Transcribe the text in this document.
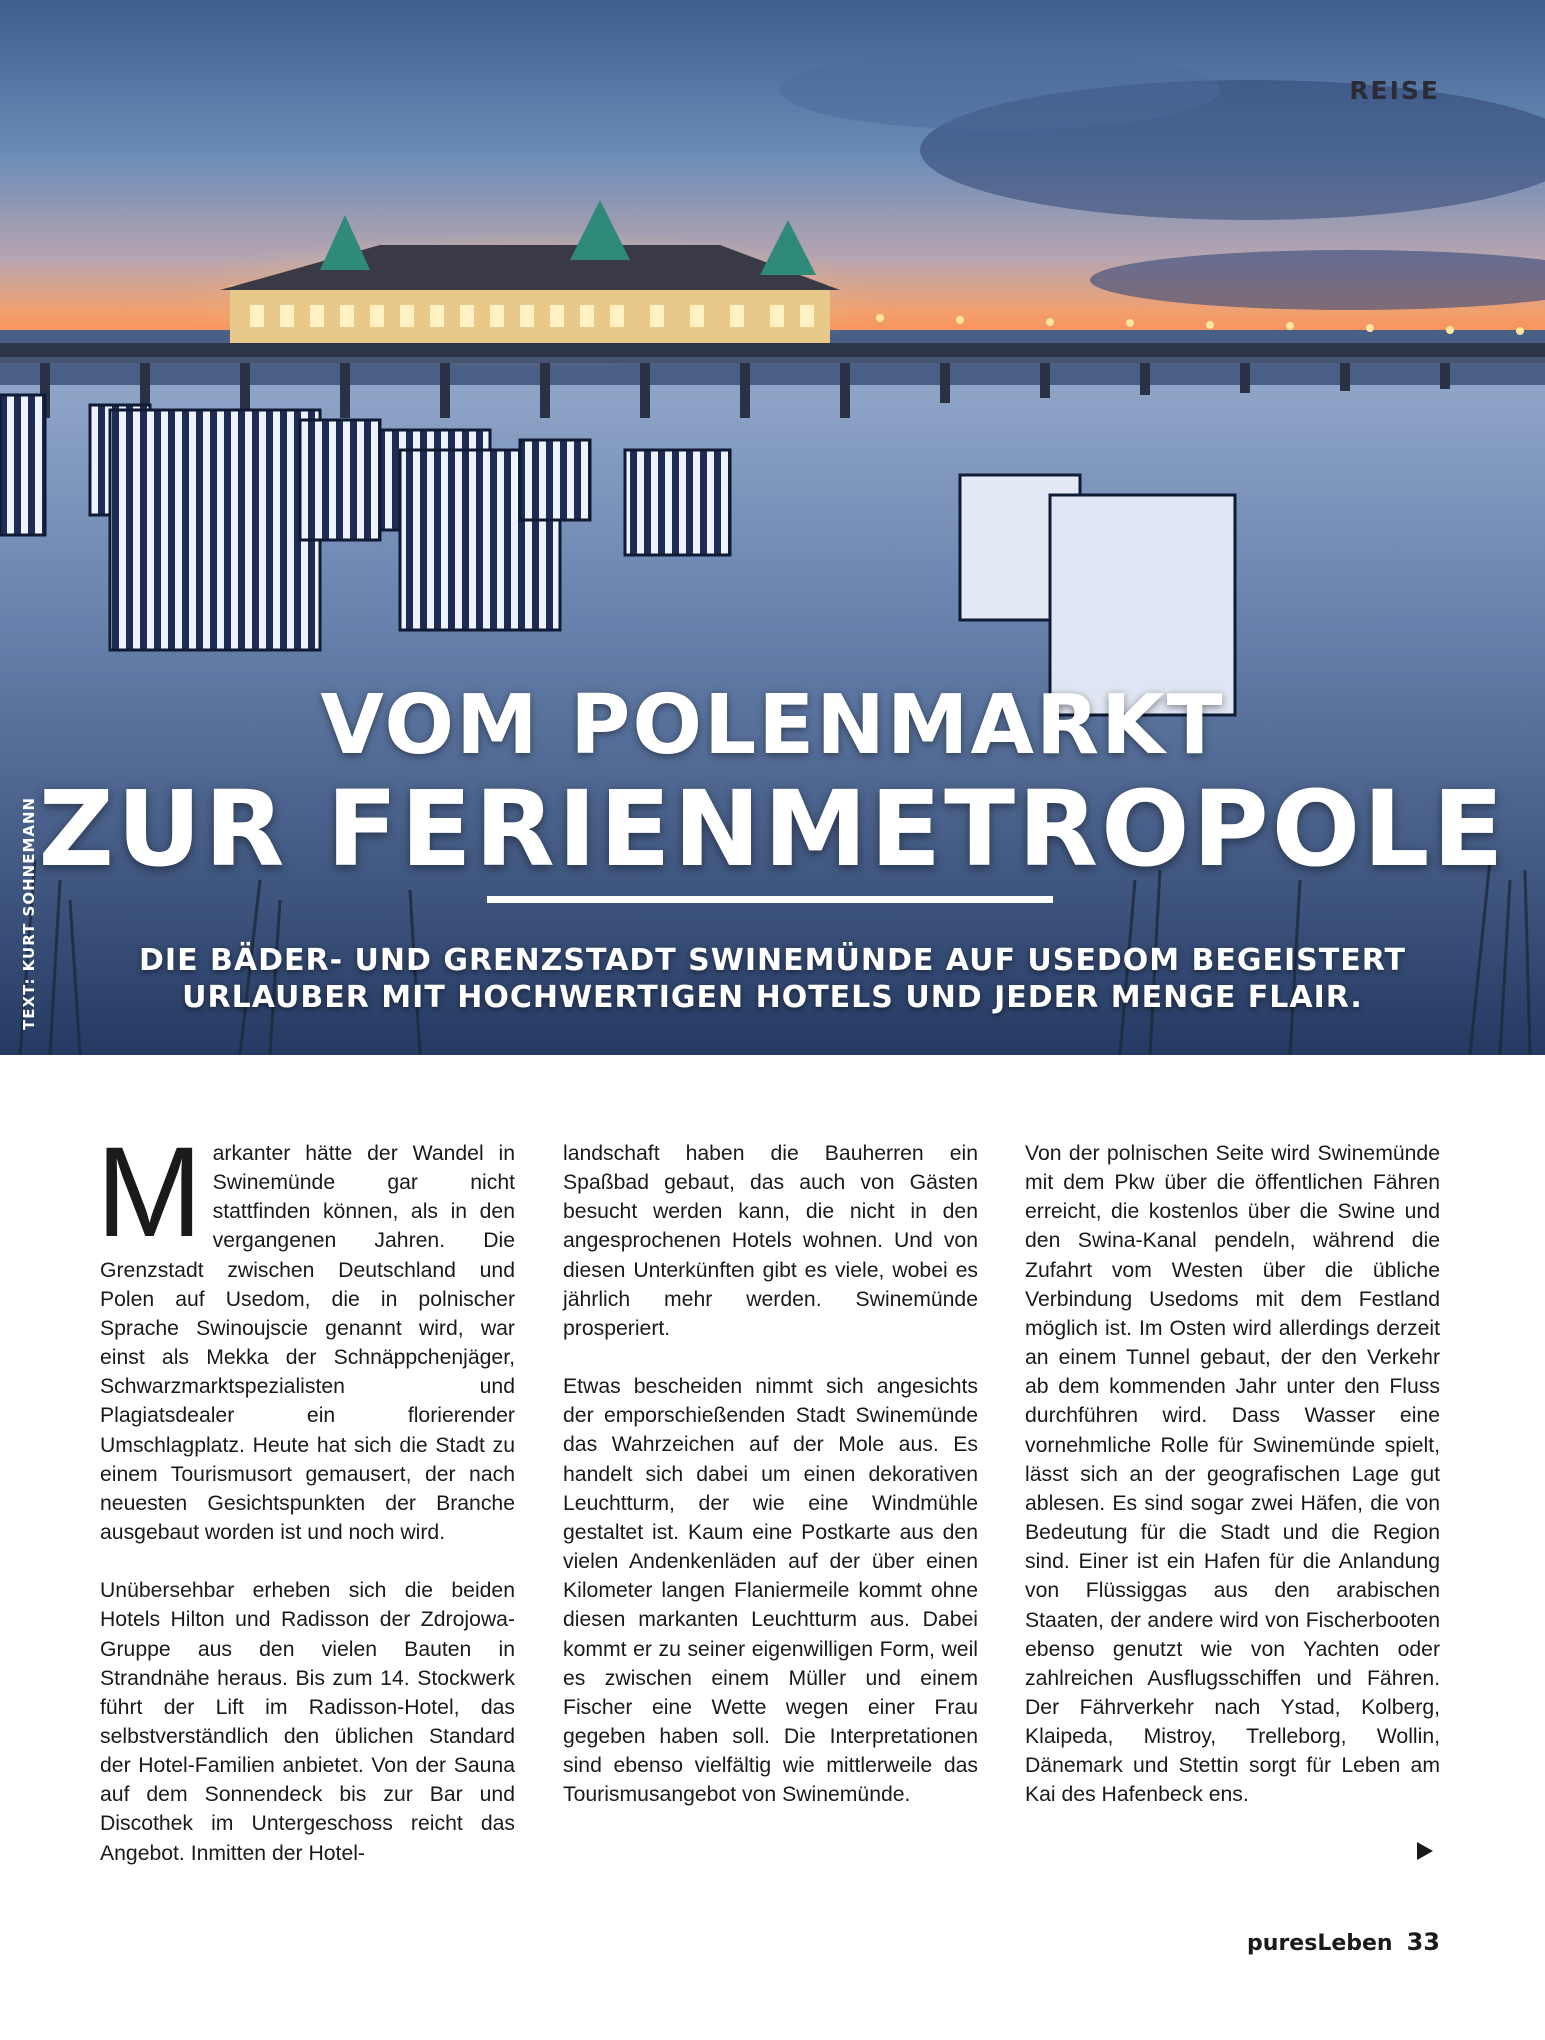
REISE
TEXT: KURT SOHNEMANN
VOM POLENMARKT
ZUR FERIENMETROPOLE
DIE BÄDER- UND GRENZSTADT SWINEMÜNDE AUF USEDOM BEGEISTERT
URLAUBER MIT HOCHWERTIGEN HOTELS UND JEDER MENGE FLAIR.

Markanter hätte der Wandel in Swinemünde gar nicht stattfinden können, als in den vergangenen Jahren. Die Grenzstadt zwischen Deutschland und Polen auf Usedom, die in polnischer Sprache Swinoujscie genannt wird, war einst als Mekka der Schnäppchenjäger, Schwarzmarktspezialisten und Plagiatsdealer ein florierender Umschlagplatz. Heute hat sich die Stadt zu einem Tourismusort gemausert, der nach neuesten Gesichtspunkten der Branche ausgebaut worden ist und noch wird.

Unübersehbar erheben sich die beiden Hotels Hilton und Radisson der Zdrojowa-Gruppe aus den vielen Bauten in Strandnähe heraus. Bis zum 14. Stockwerk führt der Lift im Radisson-Hotel, das selbstverständlich den üblichen Standard der Hotel-Familien anbietet. Von der Sauna auf dem Sonnendeck bis zur Bar und Discothek im Untergeschoss reicht das Angebot. Inmitten der Hotel-

landschaft haben die Bauherren ein Spaßbad gebaut, das auch von Gästen besucht werden kann, die nicht in den angesprochenen Hotels wohnen. Und von diesen Unterkünften gibt es viele, wobei es jährlich mehr werden. Swinemünde prosperiert.

Etwas bescheiden nimmt sich angesichts der emporschießenden Stadt Swinemünde das Wahrzeichen auf der Mole aus. Es handelt sich dabei um einen dekorativen Leuchtturm, der wie eine Windmühle gestaltet ist. Kaum eine Postkarte aus den vielen Andenkenläden auf der über einen Kilometer langen Flaniermeile kommt ohne diesen markanten Leuchtturm aus. Dabei kommt er zu seiner eigenwilligen Form, weil es zwischen einem Müller und einem Fischer eine Wette wegen einer Frau gegeben haben soll. Die Interpretationen sind ebenso vielfältig wie mittlerweile das Tourismusangebot von Swinemünde.

Von der polnischen Seite wird Swinemünde mit dem Pkw über die öffentlichen Fähren erreicht, die kostenlos über die Swine und den Swina-Kanal pendeln, während die Zufahrt vom Westen über die übliche Verbindung Usedoms mit dem Festland möglich ist. Im Osten wird allerdings derzeit an einem Tunnel gebaut, der den Verkehr ab dem kommenden Jahr unter den Fluss durchführen wird. Dass Wasser eine vornehmliche Rolle für Swinemünde spielt, lässt sich an der geografischen Lage gut ablesen. Es sind sogar zwei Häfen, die von Bedeutung für die Stadt und die Region sind. Einer ist ein Hafen für die Anlandung von Flüssiggas aus den arabischen Staaten, der andere wird von Fischerbooten ebenso genutzt wie von Yachten oder zahlreichen Ausflugsschiffen und Fähren. Der Fährverkehr nach Ystad, Kolberg, Klaipeda, Mistroy, Trelleborg, Wollin, Dänemark und Stettin sorgt für Leben am Kai des Hafenbeck ens.

puresLeben 33
